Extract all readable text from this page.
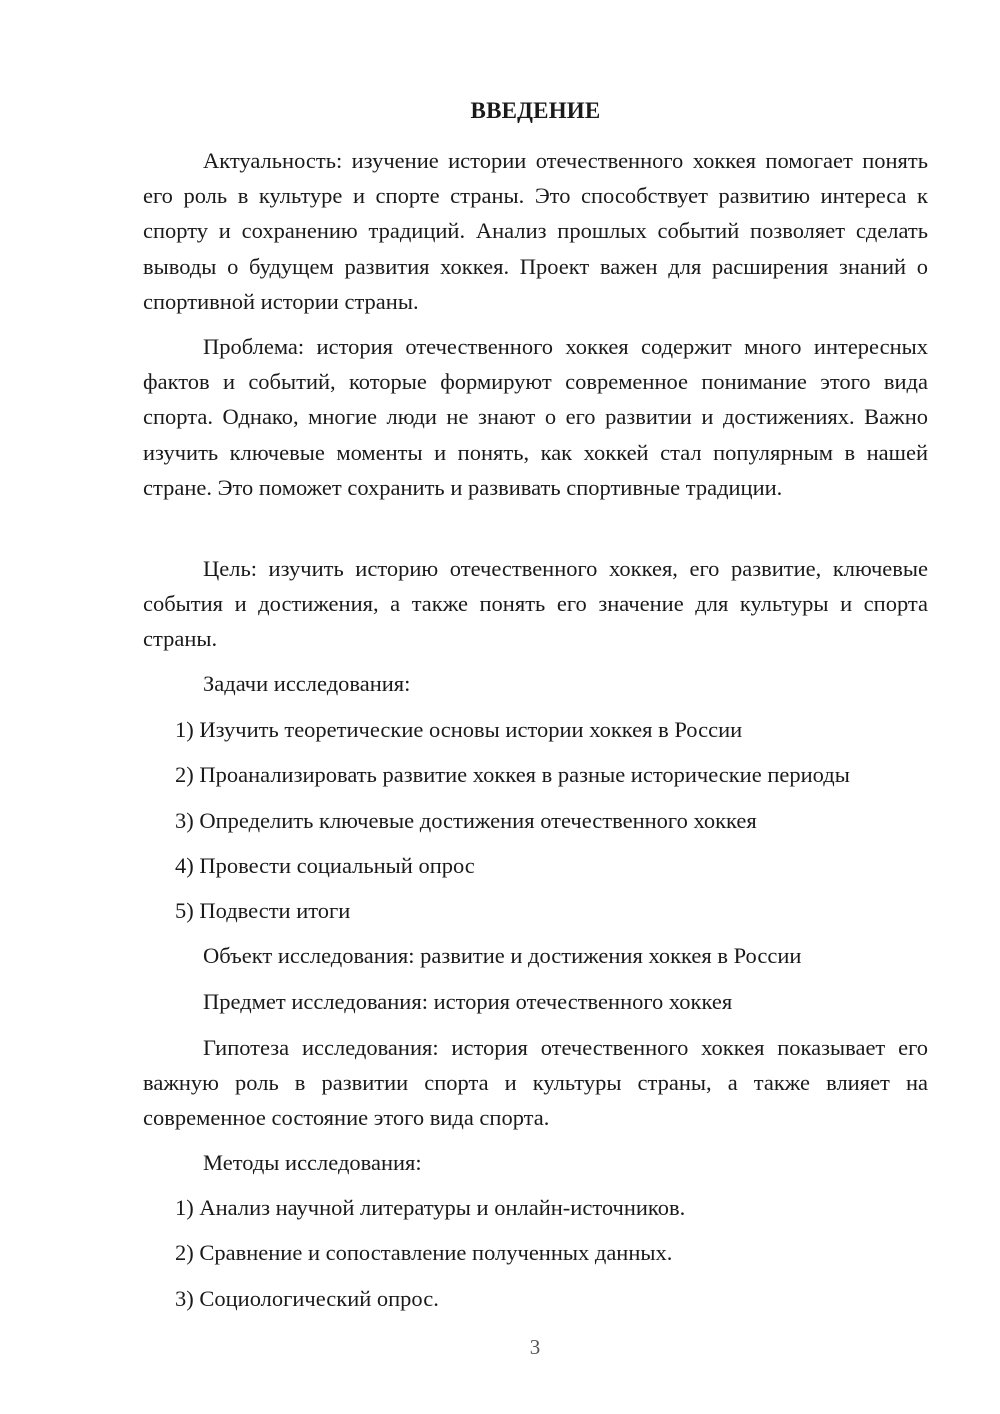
ВВЕДЕНИЕ

Актуальность: изучение истории отечественного хоккея помогает понять его роль в культуре и спорте страны. Это способствует развитию интереса к спорту и сохранению традиций. Анализ прошлых событий позволяет сделать выводы о будущем развития хоккея. Проект важен для расширения знаний о спортивной истории страны.

Проблема: история отечественного хоккея содержит много интересных фактов и событий, которые формируют современное понимание этого вида спорта. Однако, многие люди не знают о его развитии и достижениях. Важно изучить ключевые моменты и понять, как хоккей стал популярным в нашей стране. Это поможет сохранить и развивать спортивные традиции.

Цель: изучить историю отечественного хоккея, его развитие, ключевые события и достижения, а также понять его значение для культуры и спорта страны.

Задачи исследования:

1) Изучить теоретические основы истории хоккея в России

2) Проанализировать развитие хоккея в разные исторические периоды

3) Определить ключевые достижения отечественного хоккея

4) Провести социальный опрос

5) Подвести итоги

Объект исследования: развитие и достижения хоккея в России

Предмет исследования: история отечественного хоккея

Гипотеза исследования: история отечественного хоккея показывает его важную роль в развитии спорта и культуры страны, а также влияет на современное состояние этого вида спорта.

Методы исследования:

1) Анализ научной литературы и онлайн-источников.

2) Сравнение и сопоставление полученных данных.

3) Социологический опрос.

3
